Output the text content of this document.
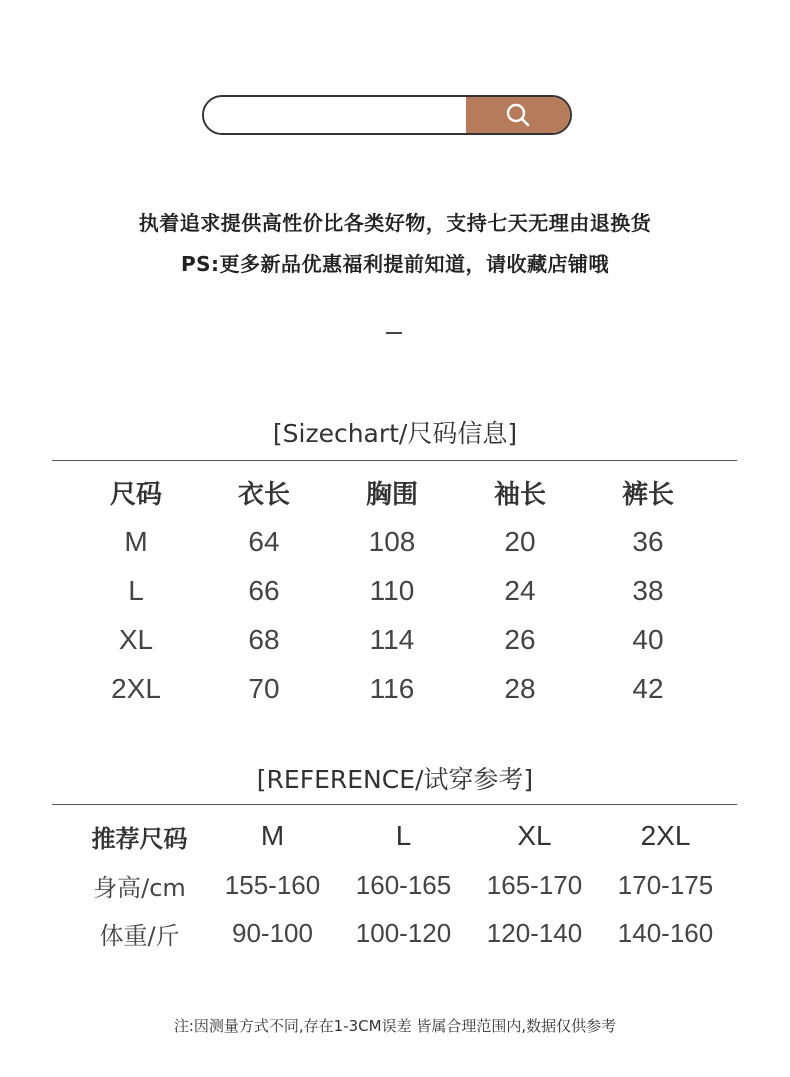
执着追求提供高性价比各类好物，支持七天无理由退换货
PS:更多新品优惠福利提前知道，请收藏店铺哦
[Sizechart/尺码信息]
尺码	衣长	胸围	袖长	裤长
M	64	108	20	36
L	66	110	24	38
XL	68	114	26	40
2XL	70	116	28	42
[REFERENCE/试穿参考]
推荐尺码	M	L	XL	2XL
身高/cm	155-160	160-165	165-170	170-175
体重/斤	90-100	100-120	120-140	140-160
注:因测量方式不同,存在1-3CM误差 皆属合理范围内,数据仅供参考
